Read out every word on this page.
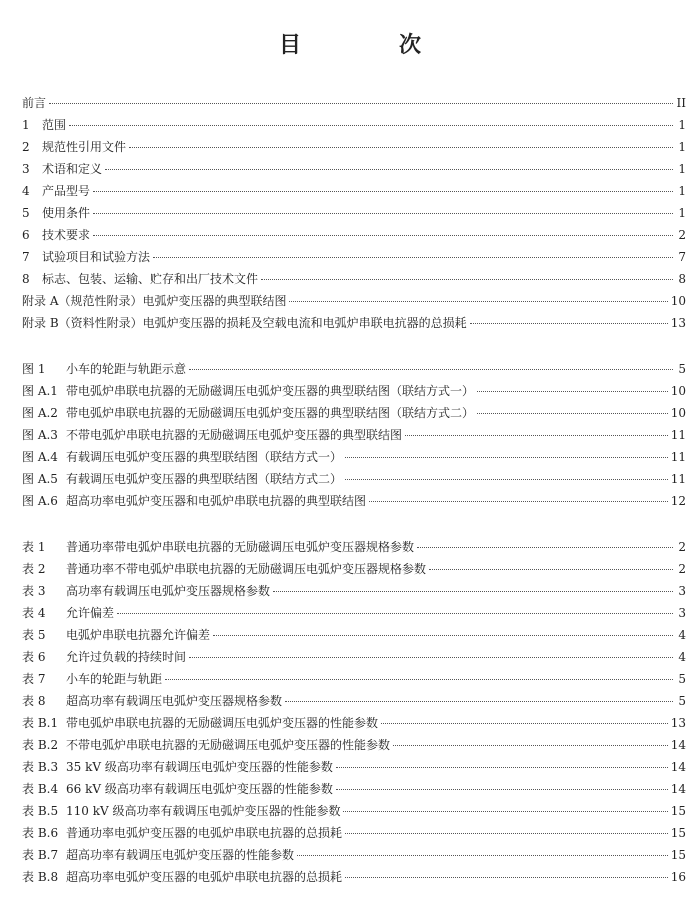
目　次
前言	II
1	范围	1
2	规范性引用文件	1
3	术语和定义	1
4	产品型号	1
5	使用条件	1
6	技术要求	2
7	试验项目和试验方法	7
8	标志、包装、运输、贮存和出厂技术文件	8
附录 A（规范性附录）电弧炉变压器的典型联结图	10
附录 B（资料性附录）电弧炉变压器的损耗及空载电流和电弧炉串联电抗器的总损耗	13
图 1	小车的轮距与轨距示意	5
图 A.1 带电弧炉串联电抗器的无励磁调压电弧炉变压器的典型联结图（联结方式一）	10
图 A.2 带电弧炉串联电抗器的无励磁调压电弧炉变压器的典型联结图（联结方式二）	10
图 A.3 不带电弧炉串联电抗器的无励磁调压电弧炉变压器的典型联结图	11
图 A.4 有载调压电弧炉变压器的典型联结图（联结方式一）	11
图 A.5 有载调压电弧炉变压器的典型联结图（联结方式二）	11
图 A.6 超高功率电弧炉变压器和电弧炉串联电抗器的典型联结图	12
表 1	普通功率带电弧炉串联电抗器的无励磁调压电弧炉变压器规格参数	2
表 2	普通功率不带电弧炉串联电抗器的无励磁调压电弧炉变压器规格参数	2
表 3	高功率有载调压电弧炉变压器规格参数	3
表 4	允许偏差	3
表 5	电弧炉串联电抗器允许偏差	4
表 6	允许过负载的持续时间	4
表 7	小车的轮距与轨距	5
表 8	超高功率有载调压电弧炉变压器规格参数	5
表 B.1 带电弧炉串联电抗器的无励磁调压电弧炉变压器的性能参数	13
表 B.2 不带电弧炉串联电抗器的无励磁调压电弧炉变压器的性能参数	14
表 B.3 35 kV 级高功率有载调压电弧炉变压器的性能参数	14
表 B.4 66 kV 级高功率有载调压电弧炉变压器的性能参数	14
表 B.5 110 kV 级高功率有载调压电弧炉变压器的性能参数	15
表 B.6 普通功率电弧炉变压器的电弧炉串联电抗器的总损耗	15
表 B.7 超高功率有载调压电弧炉变压器的性能参数	15
表 B.8 超高功率电弧炉变压器的电弧炉串联电抗器的总损耗	16
